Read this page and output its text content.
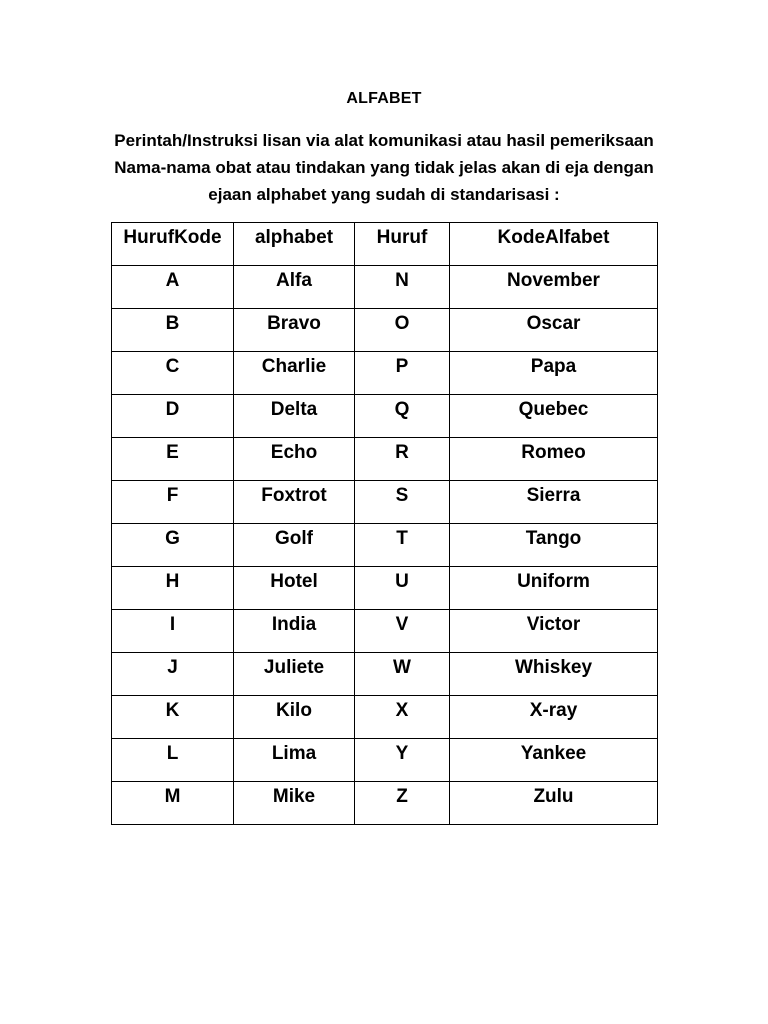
ALFABET
Perintah/Instruksi lisan via alat komunikasi atau hasil pemeriksaan
Nama-nama obat atau tindakan yang tidak jelas akan di eja dengan
ejaan alphabet yang sudah di standarisasi :
HurufKode	alphabet	Huruf	KodeAlfabet

A	Alfa	N	November

B	Bravo	O	Oscar

C	Charlie	P	Papa

D	Delta	Q	Quebec

E	Echo	R	Romeo

F	Foxtrot	S	Sierra

G	Golf	T	Tango

H	Hotel	U	Uniform

I	India	V	Victor

J	Juliete	W	Whiskey

K	Kilo	X	X-ray

L	Lima	Y	Yankee

M	Mike	Z	Zulu
